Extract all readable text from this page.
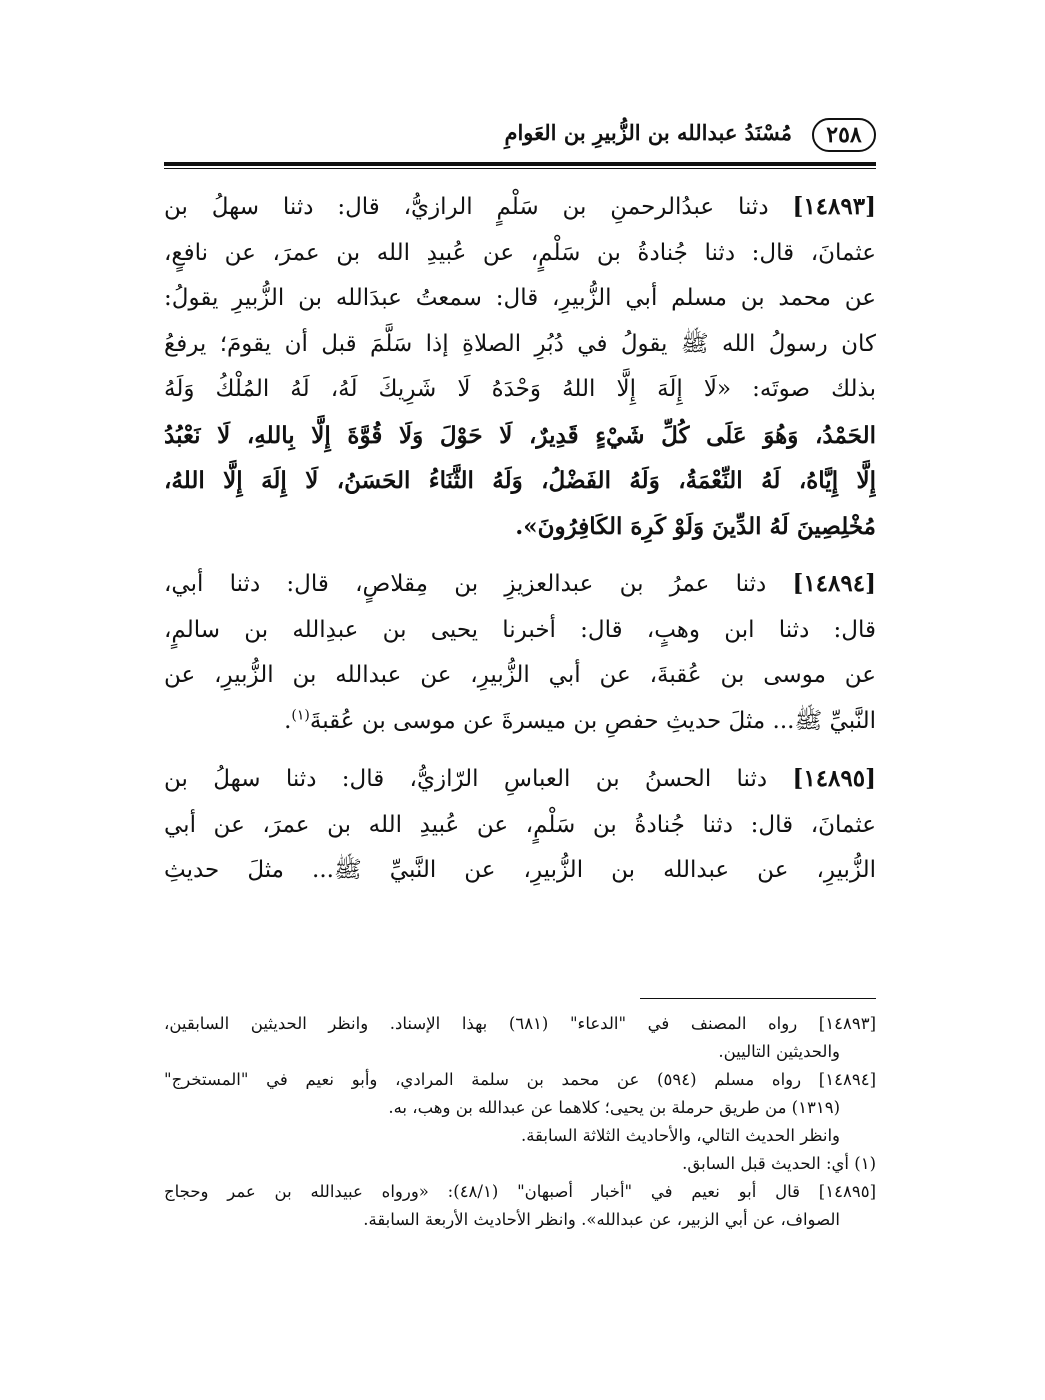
٢٥٨
مُسْنَدُ عبدالله بن الزُّبيرِ بن العَوامِ

[١٤٨٩٣] دثنا عبدُالرحمنِ بن سَلْمٍ الرازيُّ، قال: دثنا سهلُ بن
عثمانَ، قال: دثنا جُنادةُ بن سَلْمٍ، عن عُبيدِ الله بن عمرَ، عن نافعٍ،
عن محمد بن مسلم أبي الزُّبيرِ، قال: سمعتُ عبدَالله بن الزُّبيرِ يقولُ:
كان رسولُ الله ﷺ يقولُ في دُبُرِ الصلاةِ إذا سَلَّمَ قبل أن يقومَ؛ يرفعُ
بذلك صوتَه: «لَا إِلَهَ إِلَّا اللهُ وَحْدَهُ لَا شَرِيكَ لَهُ، لَهُ المُلْكُ وَلَهُ
الحَمْدُ، وَهُوَ عَلَى كُلِّ شَيْءٍ قَدِيرٌ، لَا حَوْلَ وَلَا قُوَّةَ إِلَّا بِاللهِ، لَا نَعْبُدُ
إِلَّا إِيَّاهُ، لَهُ النِّعْمَةُ، وَلَهُ الفَضْلُ، وَلَهُ الثَّنَاءُ الحَسَنُ، لَا إِلَهَ إِلَّا اللهُ،
مُخْلِصِينَ لَهُ الدِّينَ وَلَوْ كَرِهَ الكَافِرُونَ».

[١٤٨٩٤] دثنا عمرُ بن عبدالعزيزِ بن مِقلاصٍ، قال: دثنا أبي،
قال: دثنا ابن وهبٍ، قال: أخبرنا يحيى بن عبدِالله بن سالمٍ،
عن موسى بن عُقبةَ، عن أبي الزُّبيرِ، عن عبدالله بن الزُّبيرِ، عن
النَّبيِّ ﷺ... مثلَ حديثِ حفصِ بن ميسرةَ عن موسى بن عُقبةَ$^{(١)}$.

[١٤٨٩٥] دثنا الحسنُ بن العباسِ الرّازيُّ، قال: دثنا سهلُ بن
عثمانَ، قال: دثنا جُنادةُ بن سَلْمٍ، عن عُبيدِ الله بن عمرَ، عن أبي
الزُّبيرِ، عن عبدالله بن الزُّبيرِ، عن النَّبيِّ ﷺ... مثلَ حديثِ

[١٤٨٩٣] رواه المصنف في "الدعاء" (٦٨١) بهذا الإسناد. وانظر الحديثين السابقين،
والحديثين التاليين.
[١٤٨٩٤] رواه مسلم (٥٩٤) عن محمد بن سلمة المرادي، وأبو نعيم في "المستخرج"
(١٣١٩) من طريق حرملة بن يحيى؛ كلاهما عن عبدالله بن وهب، به.
وانظر الحديث التالي، والأحاديث الثلاثة السابقة.
(١) أي: الحديث قبل السابق.
[١٤٨٩٥] قال أبو نعيم في "أخبار أصبهان" (٤٨/١): «ورواه عبيدالله بن عمر وحجاج
الصواف، عن أبي الزبير، عن عبدالله». وانظر الأحاديث الأربعة السابقة.
